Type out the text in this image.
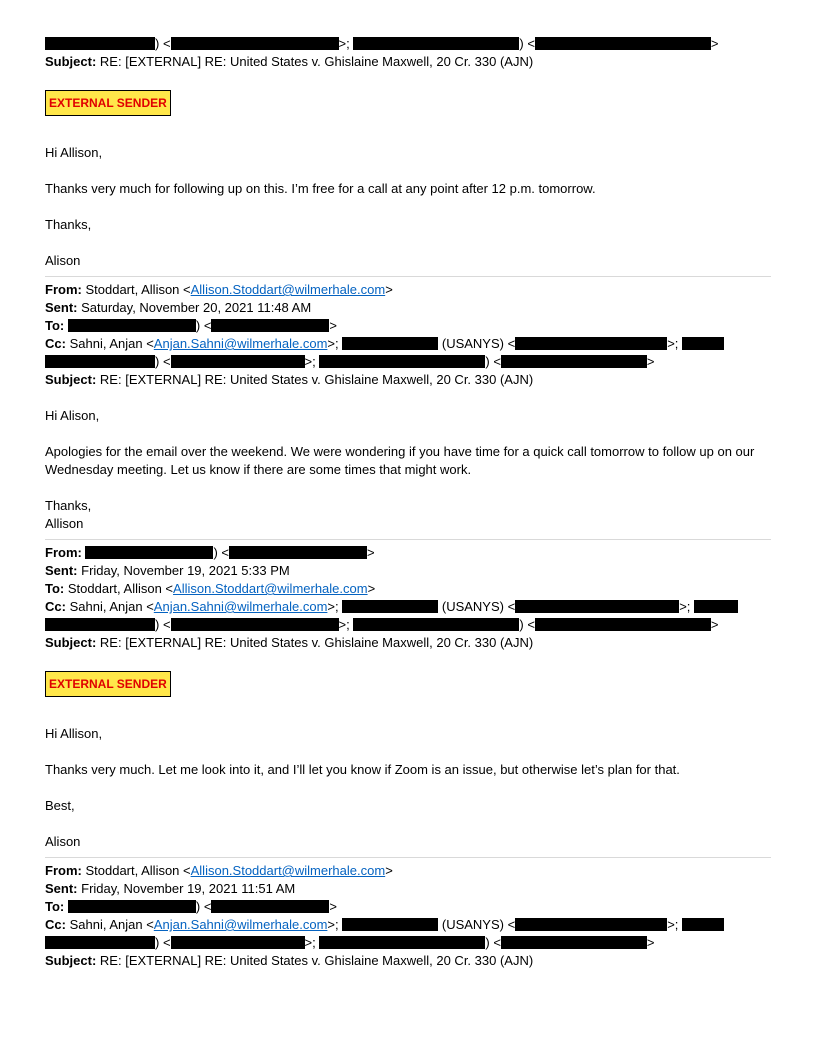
) <	>;	) <	>
Subject: RE: [EXTERNAL] RE: United States v. Ghislaine Maxwell, 20 Cr. 330 (AJN)
EXTERNAL SENDER
Hi Allison,
Thanks very much for following up on this. I’m free for a call at any point after 12 p.m. tomorrow.
Thanks,
Alison
From: Stoddart, Allison <Allison.Stoddart@wilmerhale.com>
Sent: Saturday, November 20, 2021 11:48 AM
To:	) <	>
Cc: Sahni, Anjan <Anjan.Sahni@wilmerhale.com>;	(USANYS) <	>;
) <	>;	) <	>
Subject: RE: [EXTERNAL] RE: United States v. Ghislaine Maxwell, 20 Cr. 330 (AJN)
Hi Alison,
Apologies for the email over the weekend. We were wondering if you have time for a quick call tomorrow to follow up on our Wednesday meeting. Let us know if there are some times that might work.
Thanks,
Allison
From:	) <	>
Sent: Friday, November 19, 2021 5:33 PM
To: Stoddart, Allison <Allison.Stoddart@wilmerhale.com>
Cc: Sahni, Anjan <Anjan.Sahni@wilmerhale.com>;	(USANYS) <	>;
) <	>;	) <	>
Subject: RE: [EXTERNAL] RE: United States v. Ghislaine Maxwell, 20 Cr. 330 (AJN)
EXTERNAL SENDER
Hi Allison,
Thanks very much. Let me look into it, and I’ll let you know if Zoom is an issue, but otherwise let’s plan for that.
Best,
Alison
From: Stoddart, Allison <Allison.Stoddart@wilmerhale.com>
Sent: Friday, November 19, 2021 11:51 AM
To:	) <	>
Cc: Sahni, Anjan <Anjan.Sahni@wilmerhale.com>;	(USANYS) <	>;
) <	>;	) <	>
Subject: RE: [EXTERNAL] RE: United States v. Ghislaine Maxwell, 20 Cr. 330 (AJN)
